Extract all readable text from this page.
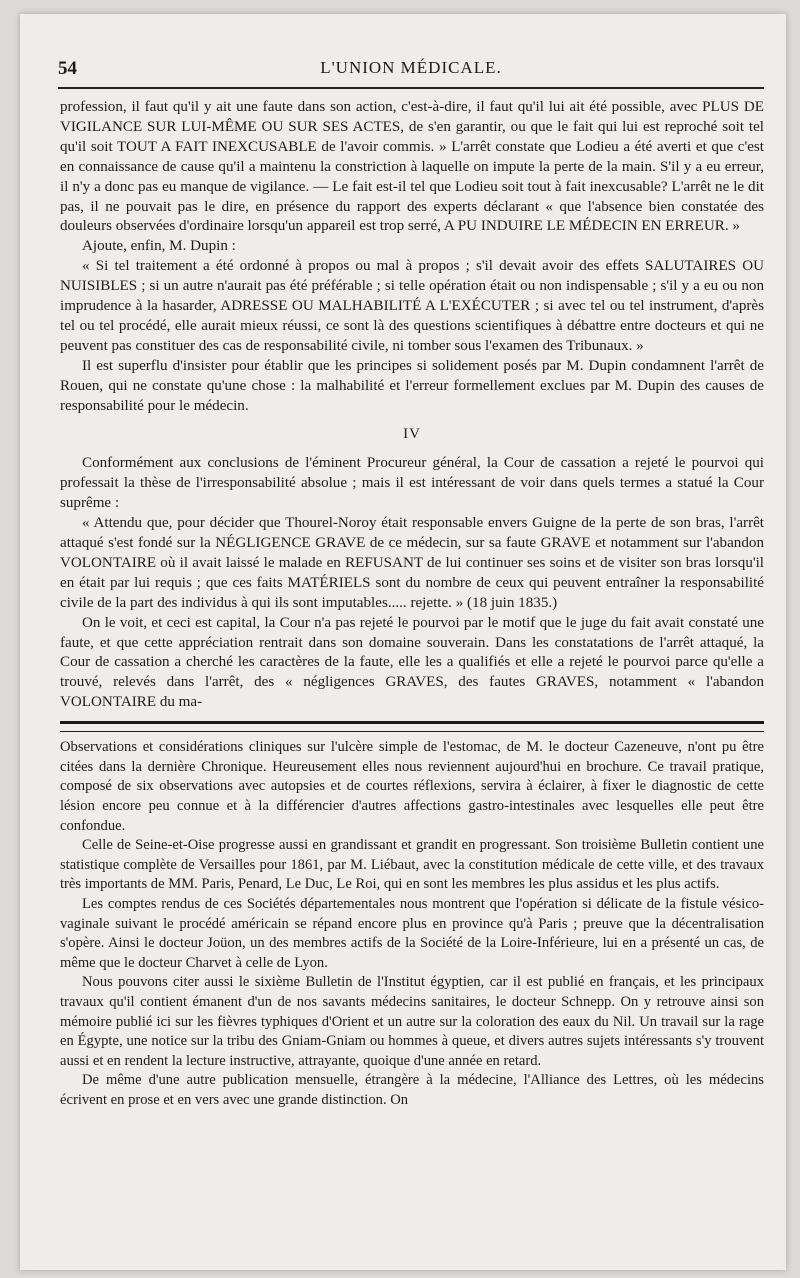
54	L'UNION MÉDICALE.

profession, il faut qu'il y ait une faute dans son action, c'est-à-dire, il faut qu'il lui ait été possible, avec PLUS DE VIGILANCE SUR LUI-MÊME OU SUR SES ACTES, de s'en garantir, ou que le fait qui lui est reproché soit tel qu'il soit TOUT A FAIT INEXCUSABLE de l'avoir commis. » L'arrêt constate que Lodieu a été averti et que c'est en connaissance de cause qu'il a maintenu la constriction à laquelle on impute la perte de la main. S'il y a eu erreur, il n'y a donc pas eu manque de vigilance. — Le fait est-il tel que Lodieu soit tout à fait inexcusable? L'arrêt ne le dit pas, il ne pouvait pas le dire, en présence du rapport des experts déclarant « que l'absence bien constatée des douleurs observées d'ordinaire lorsqu'un appareil est trop serré, A PU INDUIRE LE MÉDECIN EN ERREUR. »

Ajoute, enfin, M. Dupin :

« Si tel traitement a été ordonné à propos ou mal à propos ; s'il devait avoir des effets SALUTAIRES OU NUISIBLES ; si un autre n'aurait pas été préférable ; si telle opération était ou non indispensable ; s'il y a eu ou non imprudence à la hasarder, ADRESSE OU MALHABILITÉ A L'EXÉCUTER ; si avec tel ou tel instrument, d'après tel ou tel procédé, elle aurait mieux réussi, ce sont là des questions scientifiques à débattre entre docteurs et qui ne peuvent pas constituer des cas de responsabilité civile, ni tomber sous l'examen des Tribunaux. »

Il est superflu d'insister pour établir que les principes si solidement posés par M. Dupin condamnent l'arrêt de Rouen, qui ne constate qu'une chose : la malhabilité et l'erreur formellement exclues par M. Dupin des causes de responsabilité pour le médecin.

IV

Conformément aux conclusions de l'éminent Procureur général, la Cour de cassation a rejeté le pourvoi qui professait la thèse de l'irresponsabilité absolue ; mais il est intéressant de voir dans quels termes a statué la Cour suprême :

« Attendu que, pour décider que Thourel-Noroy était responsable envers Guigne de la perte de son bras, l'arrêt attaqué s'est fondé sur la NÉGLIGENCE GRAVE de ce médecin, sur sa faute GRAVE et notamment sur l'abandon VOLONTAIRE où il avait laissé le malade en REFUSANT de lui continuer ses soins et de visiter son bras lorsqu'il en était par lui requis ; que ces faits MATÉRIELS sont du nombre de ceux qui peuvent entraîner la responsabilité civile de la part des individus à qui ils sont imputables..... rejette. » (18 juin 1835.)

On le voit, et ceci est capital, la Cour n'a pas rejeté le pourvoi par le motif que le juge du fait avait constaté une faute, et que cette appréciation rentrait dans son domaine souverain. Dans les constatations de l'arrêt attaqué, la Cour de cassation a cherché les caractères de la faute, elle les a qualifiés et elle a rejeté le pourvoi parce qu'elle a trouvé, relevés dans l'arrêt, des « négligences GRAVES, des fautes GRAVES, notamment « l'abandon VOLONTAIRE du ma-

Observations et considérations cliniques sur l'ulcère simple de l'estomac, de M. le docteur Cazeneuve, n'ont pu être citées dans la dernière Chronique. Heureusement elles nous reviennent aujourd'hui en brochure. Ce travail pratique, composé de six observations avec autopsies et de courtes réflexions, servira à éclairer, à fixer le diagnostic de cette lésion encore peu connue et à la différencier d'autres affections gastro-intestinales avec lesquelles elle peut être confondue.

Celle de Seine-et-Oise progresse aussi en grandissant et grandit en progressant. Son troisième Bulletin contient une statistique complète de Versailles pour 1861, par M. Liébaut, avec la constitution médicale de cette ville, et des travaux très importants de MM. Paris, Penard, Le Duc, Le Roi, qui en sont les membres les plus assidus et les plus actifs.

Les comptes rendus de ces Sociétés départementales nous montrent que l'opération si délicate de la fistule vésico-vaginale suivant le procédé américain se répand encore plus en province qu'à Paris ; preuve que la décentralisation s'opère. Ainsi le docteur Joüon, un des membres actifs de la Société de la Loire-Inférieure, lui en a présenté un cas, de même que le docteur Charvet à celle de Lyon.

Nous pouvons citer aussi le sixième Bulletin de l'Institut égyptien, car il est publié en français, et les principaux travaux qu'il contient émanent d'un de nos savants médecins sanitaires, le docteur Schnepp. On y retrouve ainsi son mémoire publié ici sur les fièvres typhiques d'Orient et un autre sur la coloration des eaux du Nil. Un travail sur la rage en Égypte, une notice sur la tribu des Gniam-Gniam ou hommes à queue, et divers autres sujets intéressants s'y trouvent aussi et en rendent la lecture instructive, attrayante, quoique d'une année en retard.

De même d'une autre publication mensuelle, étrangère à la médecine, l'Alliance des Lettres, où les médecins écrivent en prose et en vers avec une grande distinction. On
